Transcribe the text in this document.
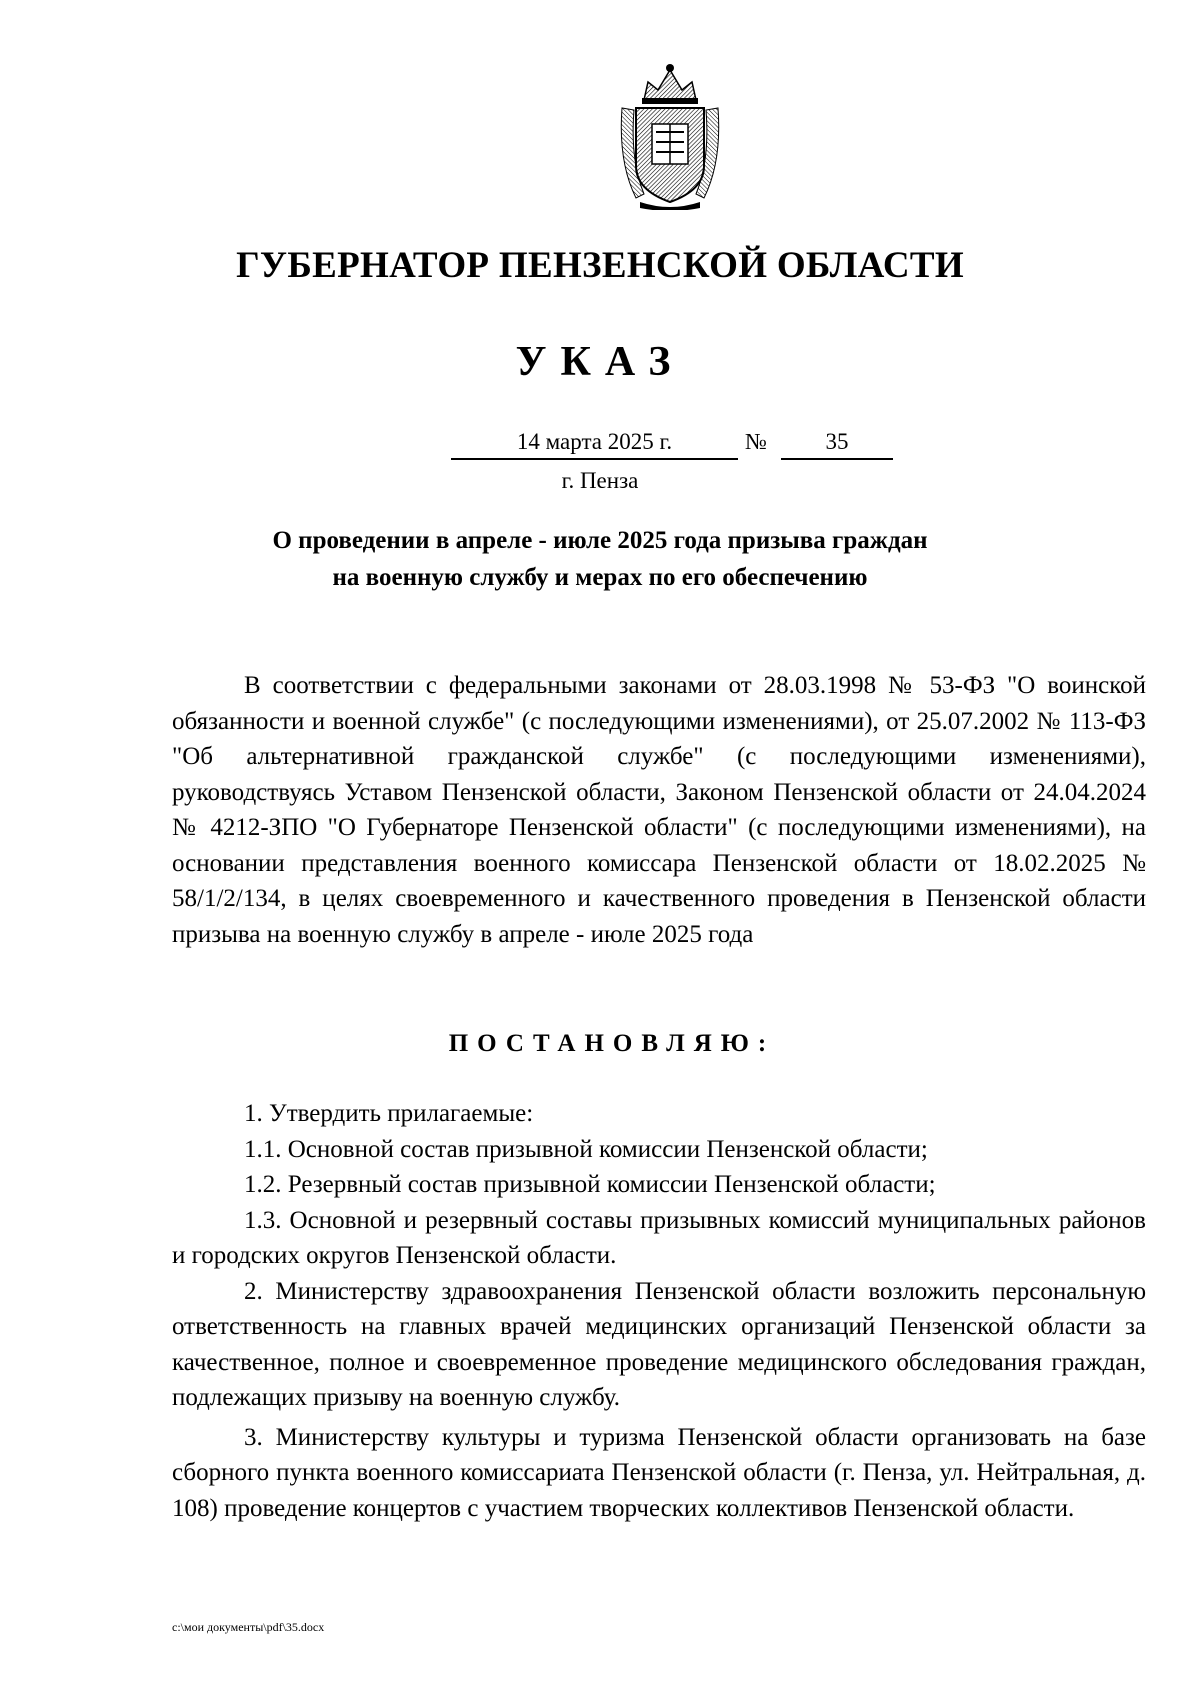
ГУБЕРНАТОР ПЕНЗЕНСКОЙ ОБЛАСТИ
УКАЗ
14 марта 2025 г.	№	35
г. Пенза
О проведении в апреле - июле 2025 года призыва граждан
на военную службу и мерах по его обеспечению

В соответствии с федеральными законами от 28.03.1998 № 53-ФЗ "О воинской обязанности и военной службе" (с последующими изменениями), от 25.07.2002 № 113-ФЗ "Об альтернативной гражданской службе" (с последующими изменениями), руководствуясь Уставом Пензенской области, Законом Пензенской области от 24.04.2024 № 4212-ЗПО "О Губернаторе Пензенской области" (с последующими изменениями), на основании представления военного комиссара Пензенской области от 18.02.2025 № 58/1/2/134, в целях своевременного и качественного проведения в Пензенской области призыва на военную службу в апреле - июле 2025 года

ПОСТАНОВЛЯЮ:

1. Утвердить прилагаемые:

1.1. Основной состав призывной комиссии Пензенской области;

1.2. Резервный состав призывной комиссии Пензенской области;

1.3. Основной и резервный составы призывных комиссий муниципальных районов и городских округов Пензенской области.

2. Министерству здравоохранения Пензенской области возложить персональную ответственность на главных врачей медицинских организаций Пензенской области за качественное, полное и своевременное проведение медицинского обследования граждан, подлежащих призыву на военную службу.

3. Министерству культуры и туризма Пензенской области организовать на базе сборного пункта военного комиссариата Пензенской области (г. Пенза, ул. Нейтральная, д. 108) проведение концертов с участием творческих коллективов Пензенской области.

c:\мои документы\pdf\35.docx
